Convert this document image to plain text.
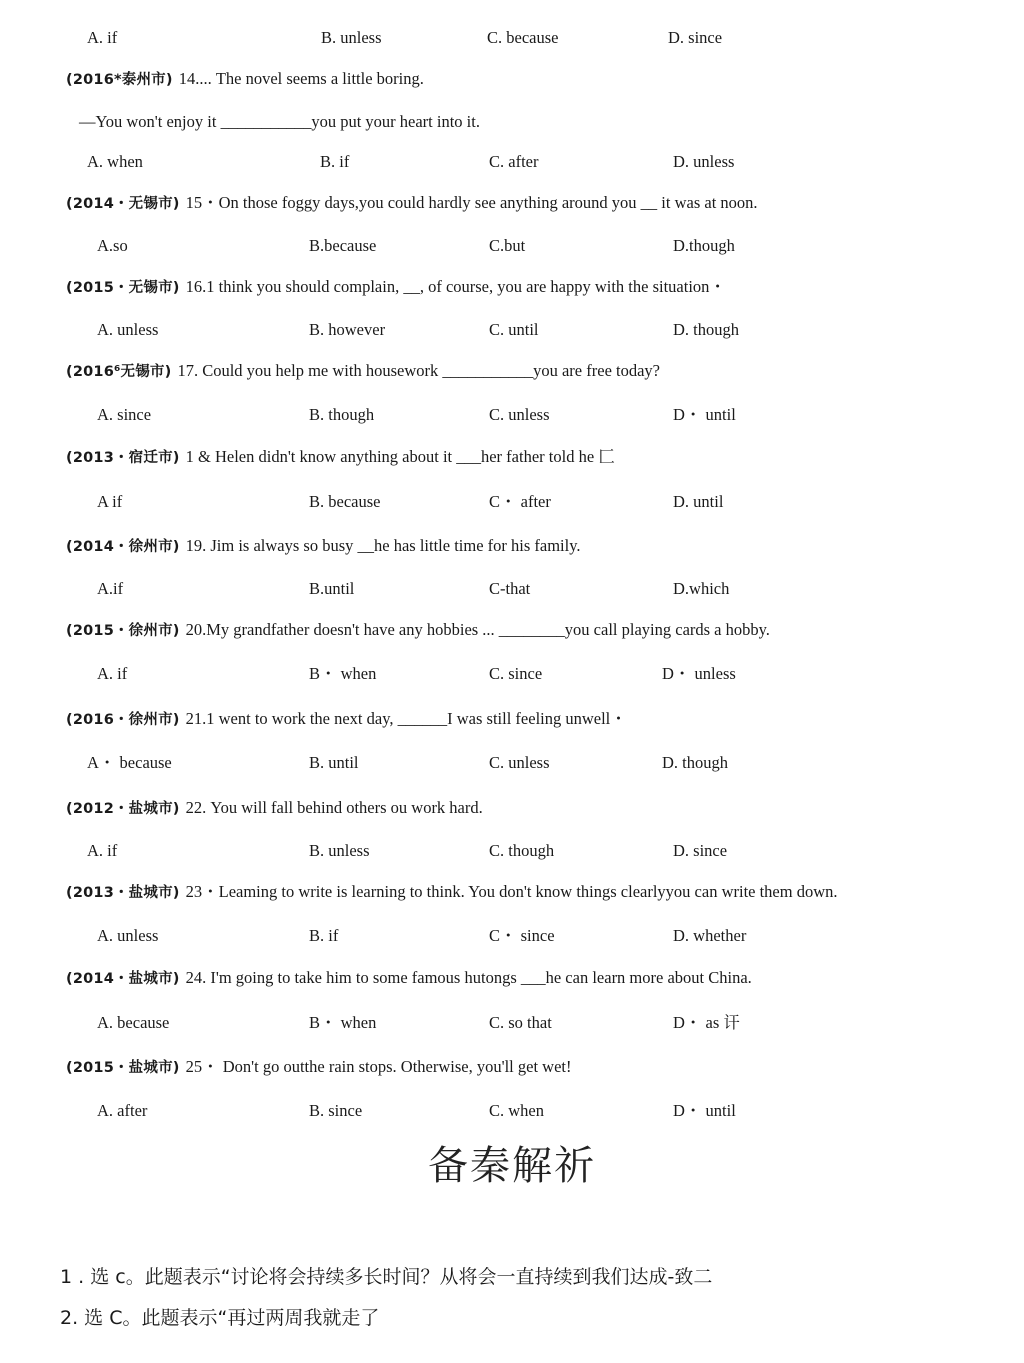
A. if	B. unless	C. because	D. since
(2016*泰州市) 14.... The novel seems a little boring.
—You won't enjoy it ___________you put your heart into it.
A. when	B. if	C. after	D. unless
(2014・无锡市) 15・On those foggy days,you could hardly see anything around you __ it was at noon.
A.so	B.because	C.but	D.though
(2015・无锡市) 16.1 think you should complain, __, of course, you are happy with the situation・
A. unless	B. however	C. until	D. though
(2016⁶无锡市) 17. Could you help me with housework ___________you are free today?
A. since	B. though	C. unless	D・ until
(2013・宿迁市) 1 & Helen didn't know anything about it ___her father told he 匚
A if	B. because	C・ after	D. until
(2014・徐州市) 19. Jim is always so busy __he has little time for his family.
A.if	B.until	C-that	D.which
(2015・徐州市) 20.My grandfather doesn't have any hobbies ... ________you call playing cards a hobby.
A. if	B・ when	C. since	D・ unless
(2016・徐州市) 21.1 went to work the next day, ______I was still feeling unwell・
A・ because	B. until	C. unless	D. though
(2012・盐城市) 22. You will fall behind others ou work hard.
A. if	B. unless	C. though	D. since
(2013・盐城市) 23・Leaming to write is learning to think. You don't know things clearlyyou can write them down.
A. unless	B. if	C・ since	D. whether
(2014・盐城市) 24. I'm going to take him to some famous hutongs ___he can learn more about China.
A. because	B・ when	C. so that	D・ as 讦
(2015・盐城市) 25・ Don't go outthe rain stops. Otherwise, you'll get wet!
A. after	B. since	C. when	D・ until
备秦解祈
1 . 选 c。此题表示“讨论将会持续多长时间？从将会一直持续到我们达成-致二
2. 选 C。此题表示“再过两周我就走了
